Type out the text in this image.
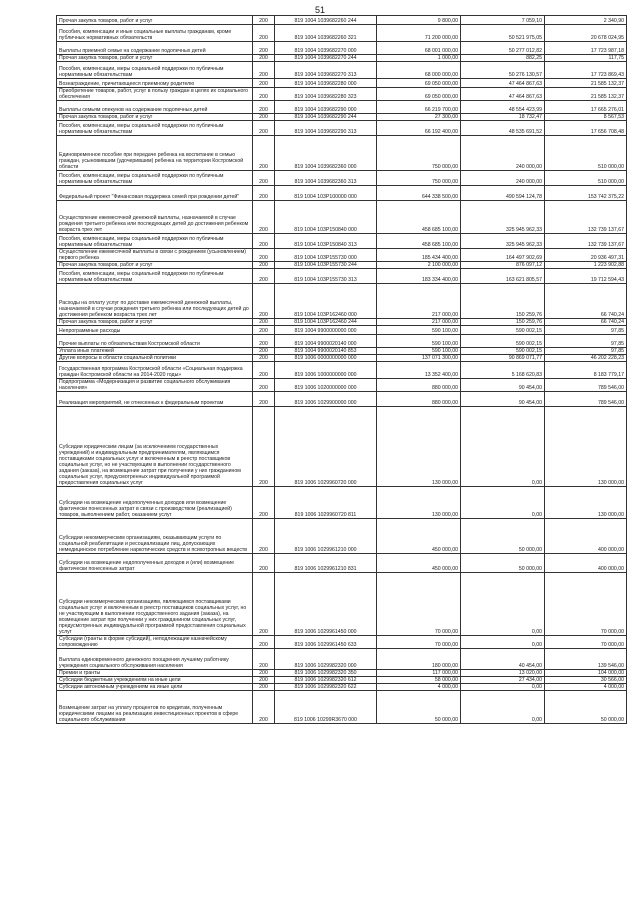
51
Прочая закупка товаров, работ и услуг	200	819 1004 1039682260 244	9 800,00	7 059,10	2 340,90
Пособия, компенсации и иные социальные выплаты гражданам, кроме публичных нормативных обязательств	200	819 1004 1039682260 321	71 200 000,00	50 521 975,05	20 678 024,95
Выплаты приемной семье на содержание подопечных детей	200	819 1004 1039682270 000	68 001 000,00	50 277 012,82	17 723 987,18
Прочая закупка товаров, работ и услуг	200	819 1004 1039682270 244	1 000,00	882,25	117,75
Пособия, компенсации, меры социальной поддержки по публичным нормативным обязательствам	200	819 1004 1039682270 313	68 000 000,00	50 276 130,57	17 723 869,43
Вознаграждение, причитающееся приемному родителю	200	819 1004 1039682280 000	69 050 000,00	47 464 867,63	21 585 132,37
Приобретение товаров, работ, услуг в пользу граждан в целях их социального обеспечения	200	819 1004 1039682280 323	69 050 000,00	47 464 867,63	21 585 132,37
Выплаты семьям опекунов на содержание подопечных детей	200	819 1004 1039682290 000	66 219 700,00	48 554 423,99	17 665 276,01
Прочая закупка товаров, работ и услуг	200	819 1004 1039682290 244	27 300,00	18 732,47	8 567,53
Пособия, компенсации, меры социальной поддержки по публичным нормативным обязательствам	200	819 1004 1039682290 313	66 192 400,00	48 535 691,52	17 656 708,48
Единовременное пособие при передаче ребенка на воспитание в семью граждан, усыновившим (удочерившим) ребенка на территории Костромской области	200	819 1004 1039682360 000	750 000,00	240 000,00	510 000,00
Пособия, компенсации, меры социальной поддержки по публичным нормативным обязательствам	200	819 1004 1039682360 313	750 000,00	240 000,00	510 000,00
Федеральный проект "Финансовая поддержка семей при рождении детей"	200	819 1004 103P100000 000	644 338 500,00	490 594 124,78	153 742 375,22
Осуществление ежемесячной денежной выплаты, назначаемой в случае рождения третьего ребенка или последующих детей до достижения ребенком возраста трех лет	200	819 1004 103P150840 000	458 685 100,00	325 945 962,33	132 739 137,67
Пособия, компенсации, меры социальной поддержки по публичным нормативным обязательствам	200	819 1004 103P150840 313	458 685 100,00	325 945 962,33	132 739 137,67
Осуществление ежемесячной выплаты в связи с рождением (усыновлением) первого ребенка	200	819 1004 103P155730 000	185 434 400,00	164 497 902,69	20 936 497,31
Прочая закупка товаров, работ и услуг	200	819 1004 103P155730 244	2 100 000,00	876 097,12	1 223 902,88
Пособия, компенсации, меры социальной поддержки по публичным нормативным обязательствам	200	819 1004 103P155730 313	183 334 400,00	163 621 805,57	19 712 594,43
Расходы на оплату услуг по доставке ежемесячной денежной выплаты, назначаемой в случае рождения третьего ребенка или последующих детей до достижения ребенком возраста трех лет	200	819 1004 103P162460 000	217 000,00	150 259,76	66 740,24
Прочая закупка товаров, работ и услуг	200	819 1004 103P162460 244	217 000,00	150 259,76	66 740,24
Непрограммные расходы	200	819 1004 9900000000 000	590 100,00	590 002,15	97,85
Прочие выплаты по обязательствам Костромской области	200	819 1004 9900020140 000	590 100,00	590 002,15	97,85
Уплата иных платежей	200	819 1004 9900020140 853	590 100,00	590 002,15	97,85
Другие вопросы в области социальной политики	200	819 1006 0000000000 000	137 071 300,00	90 869 071,77	46 202 228,23
Государственная программа Костромской области «Социальная поддержка граждан Костромской области на 2014-2020 годы»	200	819 1006 1000000000 000	13 352 400,00	5 168 620,83	8 183 779,17
Подпрограмма «Модернизация и развитие социального обслуживания населения»	200	819 1006 1020000000 000	880 000,00	90 454,00	789 546,00
Реализация мероприятий, не отнесенных к федеральным проектам	200	819 1006 1029900000 000	880 000,00	90 454,00	789 546,00
Субсидии юридическим лицам (за исключением государственных учреждений) и индивидуальным предпринимателям, являющимся поставщиками социальных услуг и включенным в реестр поставщиков социальных услуг, но не участвующим в выполнении государственного задания (заказа), на возмещение затрат при получении у них гражданином социальных услуг, предусмотренных индивидуальной программой предоставления социальных услуг	200	819 1006 1029960720 000	130 000,00	0,00	130 000,00
Субсидии на возмещение недополученных доходов или возмещение фактически понесенных затрат в связи с производством (реализацией) товаров, выполнением работ, оказанием услуг	200	819 1006 1029960720 811	130 000,00	0,00	130 000,00
Субсидии некоммерческим организациям, оказывающим услуги по социальной реабилитации и ресоциализации лиц, допускающих немедицинское потребление наркотических средств и психотропных веществ	200	819 1006 1029961210 000	450 000,00	50 000,00	400 000,00
Субсидии на возмещение недополученных доходов и (или) возмещение фактически понесенных затрат	200	819 1006 1029961210 831	450 000,00	50 000,00	400 000,00
Субсидии некоммерческим организациям, являющимся поставщиками социальных услуг и включенным в реестр поставщиков социальных услуг, но не участвующим в выполнении государственного задания (заказа), на возмещение затрат при получении у них гражданином социальных услуг, предусмотренных индивидуальной программой предоставления социальных услуг	200	819 1006 1029961450 000	70 000,00	0,00	70 000,00
Субсидии (гранты в форме субсидий), неподлежащие казначейскому сопровождению	200	819 1006 1029961450 633	70 000,00	0,00	70 000,00
Выплата единовременного денежного поощрения лучшему работнику учреждения социального обслуживания населения	200	819 1006 1029982320 000	180 000,00	40 454,00	139 546,00
Премии и гранты	200	819 1006 1029982320 350	117 000,00	13 020,00	104 000,00
Субсидии бюджетным учреждениям на иные цели	200	819 1006 1029982320 612	58 000,00	27 434,00	30 566,00
Субсидии автономным учреждениям на иные цели	200	819 1006 1029982320 622	4 000,00	0,00	4 000,00
Возмещение затрат на уплату процентов по кредитам, полученным юридическими лицами на реализацию инвестиционных проектов в сфере социального обслуживания	200	819 1006 10299R3670 000	50 000,00	0,00	50 000,00
